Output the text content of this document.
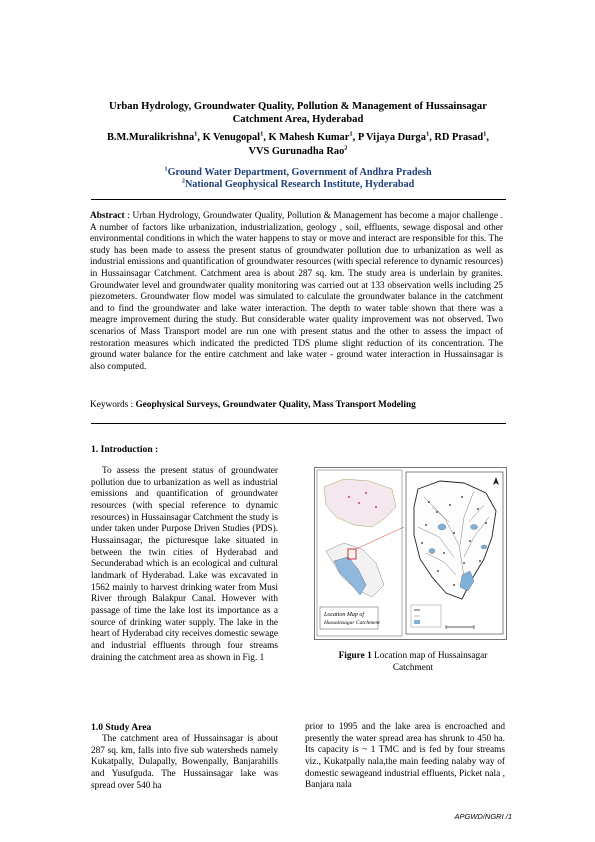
Urban Hydrology, Groundwater Quality, Pollution & Management of Hussainsagar Catchment Area, Hyderabad
B.M.Muralikrishna$^1$, K Venugopal$^1$, K Mahesh Kumar$^1$, P Vijaya Durga$^1$, RD Prasad$^1$,
VVS Gurunadha Rao$^2$
$^1$Ground Water Department, Government of Andhra Pradesh
$^2$National Geophysical Research Institute, Hyderabad
Abstract : Urban Hydrology, Groundwater Quality, Pollution & Management has become a major challenge . A number of factors like urbanization, industrialization, geology , soil, effluents, sewage disposal and other environmental conditions in which the water happens to stay or move and interact are responsible for this. The study has been made to assess the present status of groundwater pollution due to urbanization as well as industrial emissions and quantification of groundwater resources (with special reference to dynamic resources) in Hussainsagar Catchment. Catchment area is about 287 sq. km. The study area is underlain by granites. Groundwater level and groundwater quality monitoring was carried out at 133 observation wells including 25 piezometers. Groundwater flow model was simulated to calculate the groundwater balance in the catchment and to find the groundwater and lake water interaction. The depth to water table shown that there was a meagre improvement during the study. But considerable water quality improvement was not observed. Two scenarios of Mass Transport model are run one with present status and the other to assess the impact of restoration measures which indicated the predicted TDS plume slight reduction of its concentration. The ground water balance for the entire catchment and lake water - ground water interaction in Hussainsagar is also computed.
Keywords : Geophysical Surveys, Groundwater Quality, Mass Transport Modeling
1. Introduction :
To assess the present status of groundwater pollution due to urbanization as well as industrial emissions and quantification of groundwater resources (with special reference to dynamic resources) in Hussainsagar Catchment the study is under taken under Purpose Driven Studies (PDS). Hussainsagar, the picturesque lake situated in between the twin cities of Hyderabad and Secunderabad which is an ecological and cultural landmark of Hyderabad. Lake was excavated in 1562 mainly to harvest drinking water from Musi River through Balakpur Canal. However with passage of time the lake lost its importance as a source of drinking water supply. The lake in the heart of Hyderabad city receives domestic sewage and industrial effluents through four streams draining the catchment area as shown in Fig. 1
1.0 Study Area
The catchment area of Hussainsagar is about 287 sq. km, falls into five sub watersheds namely Kukatpally, Dulapally, Bowenpally, Banjarahills and Yusufguda. The Hussainsagar lake was spread over 540 ha
prior to 1995 and the lake area is encroached and presently the water spread area has shrunk to 450 ha. Its capacity is ~ 1 TMC and is fed by four streams viz., Kukatpally nala,the main feeding nalaby way of domestic sewageand industrial effluents, Picket nala , Banjara nala
Location Map of
Hussainsagar Catchment
Figure 1 Location map of Hussainsagar Catchment
APGWD/NGRI /1
